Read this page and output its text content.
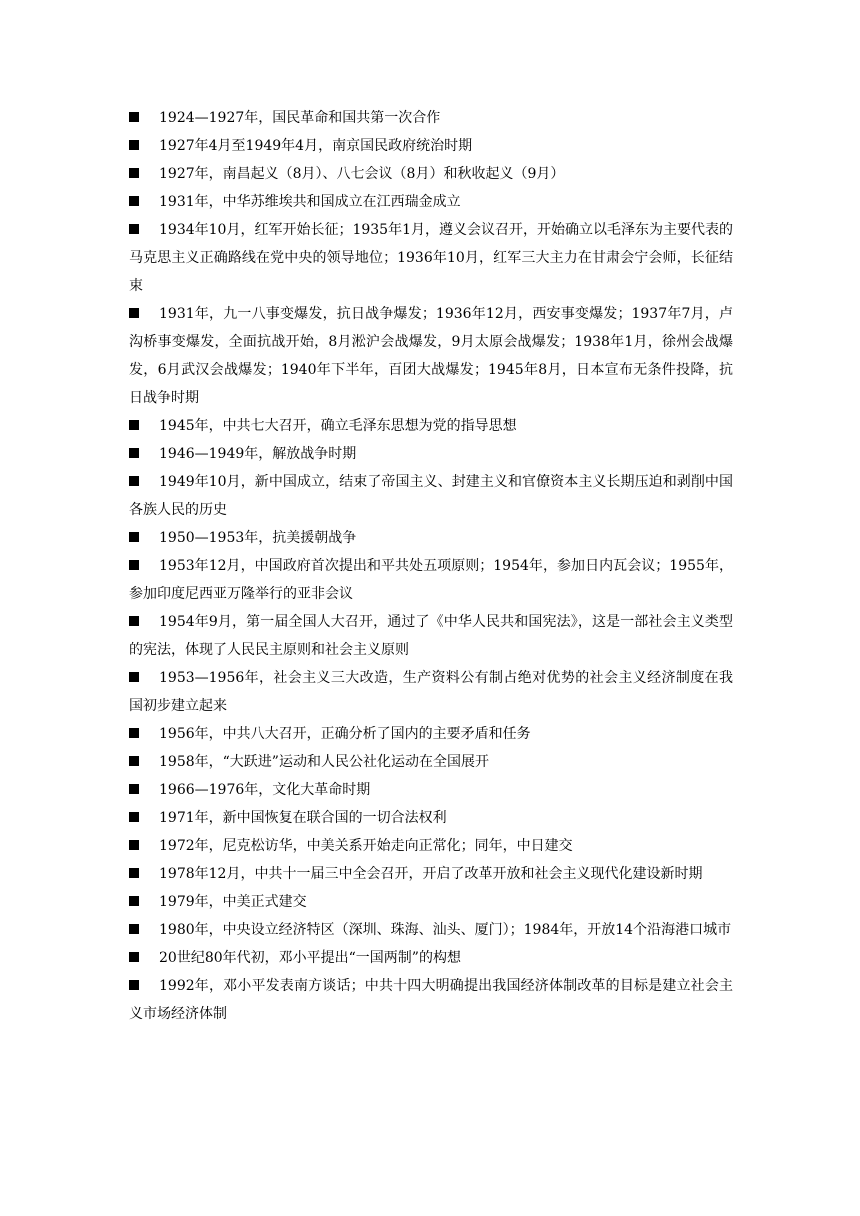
1924—1927年，国民革命和国共第一次合作

1927年4月至1949年4月，南京国民政府统治时期

1927年，南昌起义（8月）、八七会议（8月）和秋收起义（9月）

1931年，中华苏维埃共和国成立在江西瑞金成立

1934年10月，红军开始长征；1935年1月，遵义会议召开，开始确立以毛泽东为主要代表的马克思主义正确路线在党中央的领导地位；1936年10月，红军三大主力在甘肃会宁会师，长征结束

1931年，九一八事变爆发，抗日战争爆发；1936年12月，西安事变爆发；1937年7月，卢沟桥事变爆发，全面抗战开始，8月淞沪会战爆发，9月太原会战爆发；1938年1月，徐州会战爆发，6月武汉会战爆发；1940年下半年，百团大战爆发；1945年8月，日本宣布无条件投降，抗日战争时期

1945年，中共七大召开，确立毛泽东思想为党的指导思想

1946—1949年，解放战争时期

1949年10月，新中国成立，结束了帝国主义、封建主义和官僚资本主义长期压迫和剥削中国各族人民的历史

1950—1953年，抗美援朝战争

1953年12月，中国政府首次提出和平共处五项原则；1954年，参加日内瓦会议；1955年，参加印度尼西亚万隆举行的亚非会议

1954年9月，第一届全国人大召开，通过了《中华人民共和国宪法》，这是一部社会主义类型的宪法，体现了人民民主原则和社会主义原则

1953—1956年，社会主义三大改造，生产资料公有制占绝对优势的社会主义经济制度在我国初步建立起来

1956年，中共八大召开，正确分析了国内的主要矛盾和任务

1958年，“大跃进”运动和人民公社化运动在全国展开

1966—1976年，文化大革命时期

1971年，新中国恢复在联合国的一切合法权利

1972年，尼克松访华，中美关系开始走向正常化；同年，中日建交

1978年12月，中共十一届三中全会召开，开启了改革开放和社会主义现代化建设新时期

1979年，中美正式建交

1980年，中央设立经济特区（深圳、珠海、汕头、厦门）；1984年，开放14个沿海港口城市

20世纪80年代初，邓小平提出“一国两制”的构想

1992年，邓小平发表南方谈话；中共十四大明确提出我国经济体制改革的目标是建立社会主义市场经济体制
